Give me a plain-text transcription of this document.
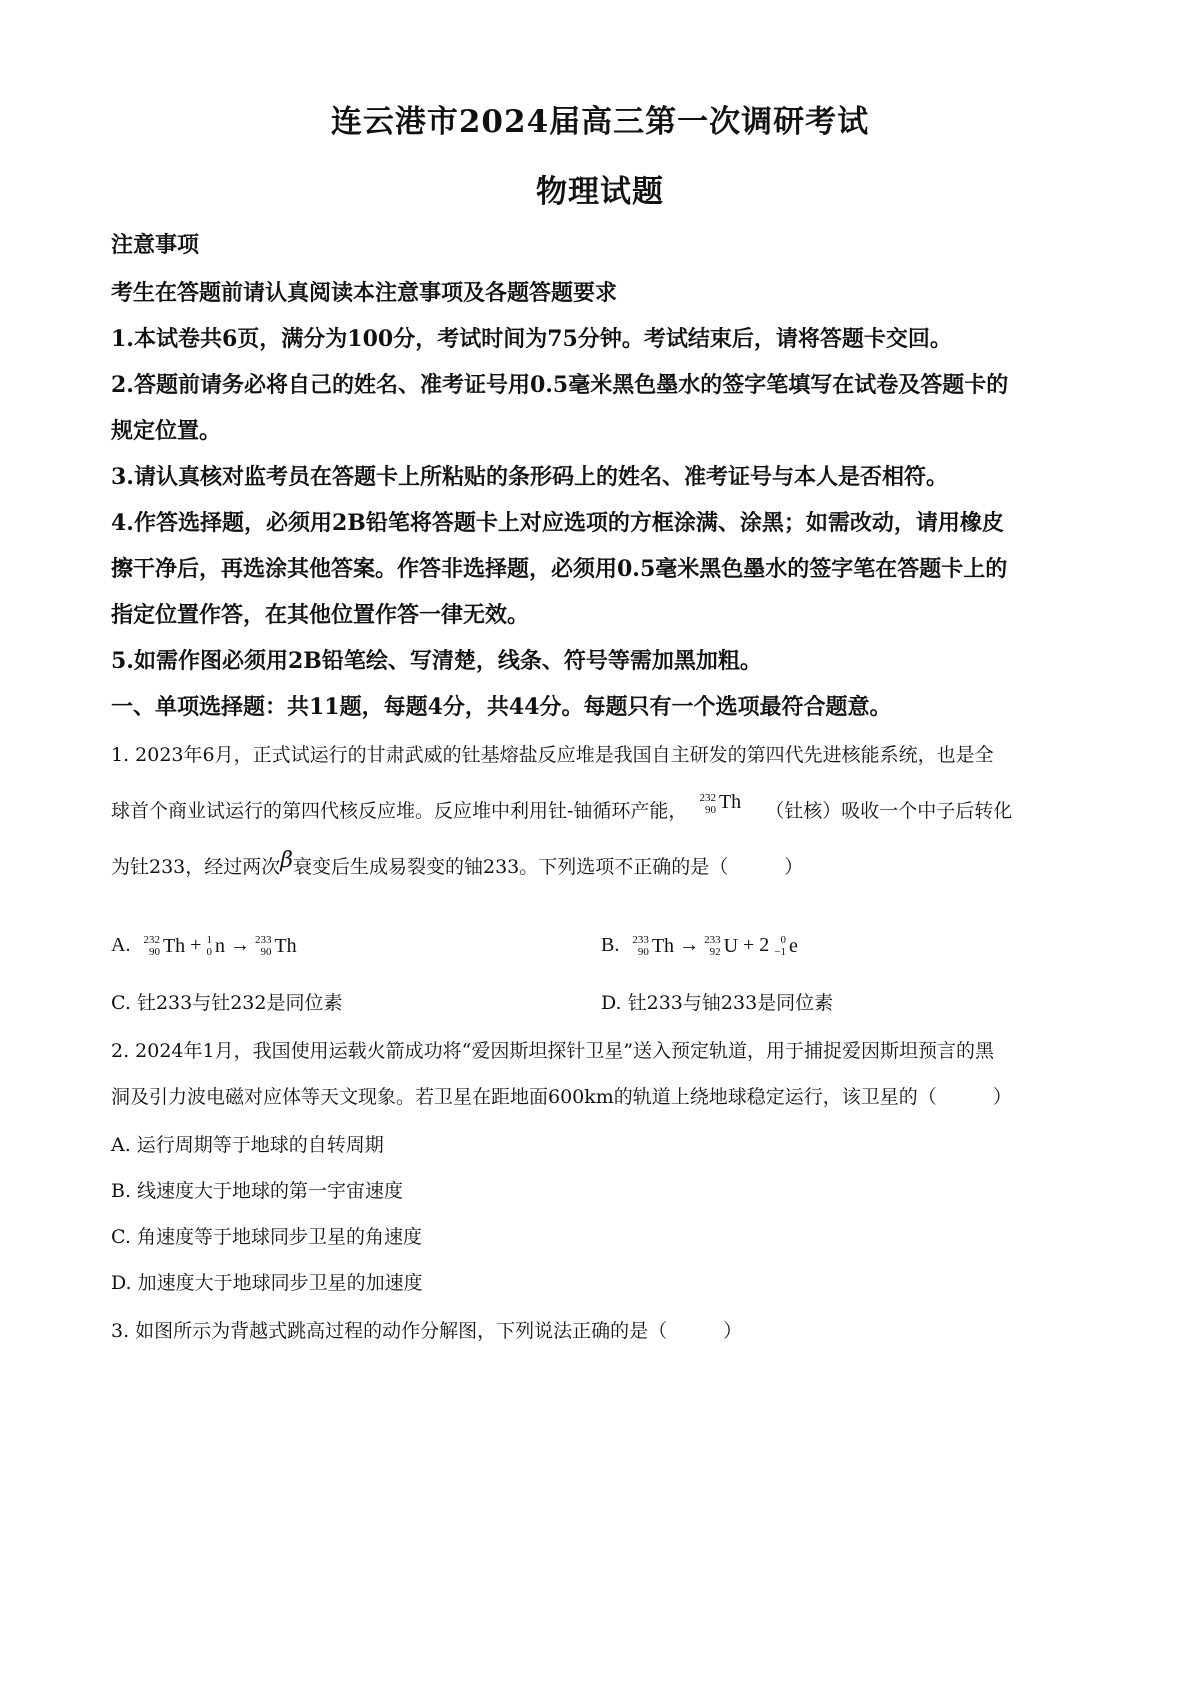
连云港市2024届高三第一次调研考试
物理试题
注意事项
考生在答题前请认真阅读本注意事项及各题答题要求
1.本试卷共6页，满分为100分，考试时间为75分钟。考试结束后，请将答题卡交回。
2.答题前请务必将自己的姓名、准考证号用0.5毫米黑色墨水的签字笔填写在试卷及答题卡的
规定位置。
3.请认真核对监考员在答题卡上所粘贴的条形码上的姓名、准考证号与本人是否相符。
4.作答选择题，必须用2B铅笔将答题卡上对应选项的方框涂满、涂黑；如需改动，请用橡皮
擦干净后，再选涂其他答案。作答非选择题，必须用0.5毫米黑色墨水的签字笔在答题卡上的
指定位置作答，在其他位置作答一律无效。
5.如需作图必须用2B铅笔绘、写清楚，线条、符号等需加黑加粗。
一、单项选择题：共11题，每题4分，共44分。每题只有一个选项最符合题意。
1. 2023年6月，正式试运行的甘肃武威的钍基熔盐反应堆是我国自主研发的第四代先进核能系统，也是全
球首个商业试运行的第四代核反应堆。反应堆中利用钍-铀循环产能，
232
90 Th （钍核）吸收一个中子后转化
为钍233，经过两次β衰变后生成易裂变的铀233。下列选项不正确的是（	）
A. 232
90 Th + 1
0 n → 233
90 Th	B. 233
90 Th → 233
92 U + 2 0
−1 e
C. 钍233与钍232是同位素	D. 钍233与铀233是同位素
2. 2024年1月，我国使用运载火箭成功将“爱因斯坦探针卫星”送入预定轨道，用于捕捉爱因斯坦预言的黑
洞及引力波电磁对应体等天文现象。若卫星在距地面600km的轨道上绕地球稳定运行，该卫星的（	）
A. 运行周期等于地球的自转周期
B. 线速度大于地球的第一宇宙速度
C. 角速度等于地球同步卫星的角速度
D. 加速度大于地球同步卫星的加速度
3. 如图所示为背越式跳高过程的动作分解图，下列说法正确的是（	）
